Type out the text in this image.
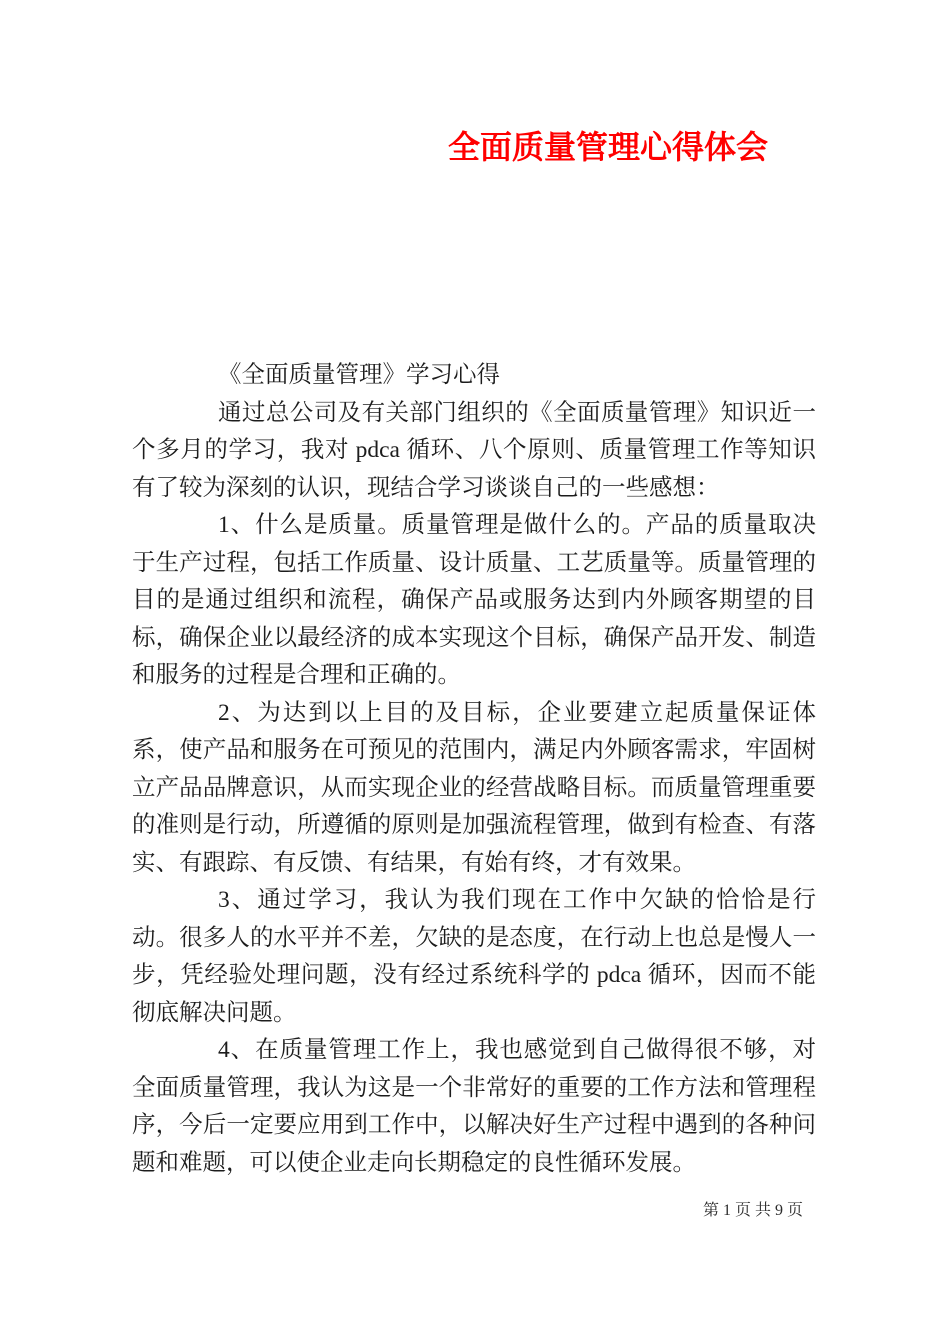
全面质量管理心得体会

《全面质量管理》学习心得

通过总公司及有关部门组织的《全面质量管理》知识近一个多月的学习，我对 pdca 循环、八个原则、质量管理工作等知识有了较为深刻的认识，现结合学习谈谈自己的一些感想：

1、什么是质量。质量管理是做什么的。产品的质量取决于生产过程，包括工作质量、设计质量、工艺质量等。质量管理的目的是通过组织和流程，确保产品或服务达到内外顾客期望的目标，确保企业以最经济的成本实现这个目标，确保产品开发、制造和服务的过程是合理和正确的。

2、为达到以上目的及目标，企业要建立起质量保证体系，使产品和服务在可预见的范围内，满足内外顾客需求，牢固树立产品品牌意识，从而实现企业的经营战略目标。而质量管理重要的准则是行动，所遵循的原则是加强流程管理，做到有检查、有落实、有跟踪、有反馈、有结果，有始有终，才有效果。

3、通过学习，我认为我们现在工作中欠缺的恰恰是行动。很多人的水平并不差，欠缺的是态度，在行动上也总是慢人一步，凭经验处理问题，没有经过系统科学的 pdca 循环，因而不能彻底解决问题。

4、在质量管理工作上，我也感觉到自己做得很不够，对全面质量管理，我认为这是一个非常好的重要的工作方法和管理程序，今后一定要应用到工作中，以解决好生产过程中遇到的各种问题和难题，可以使企业走向长期稳定的良性循环发展。

第 1 页 共 9 页
